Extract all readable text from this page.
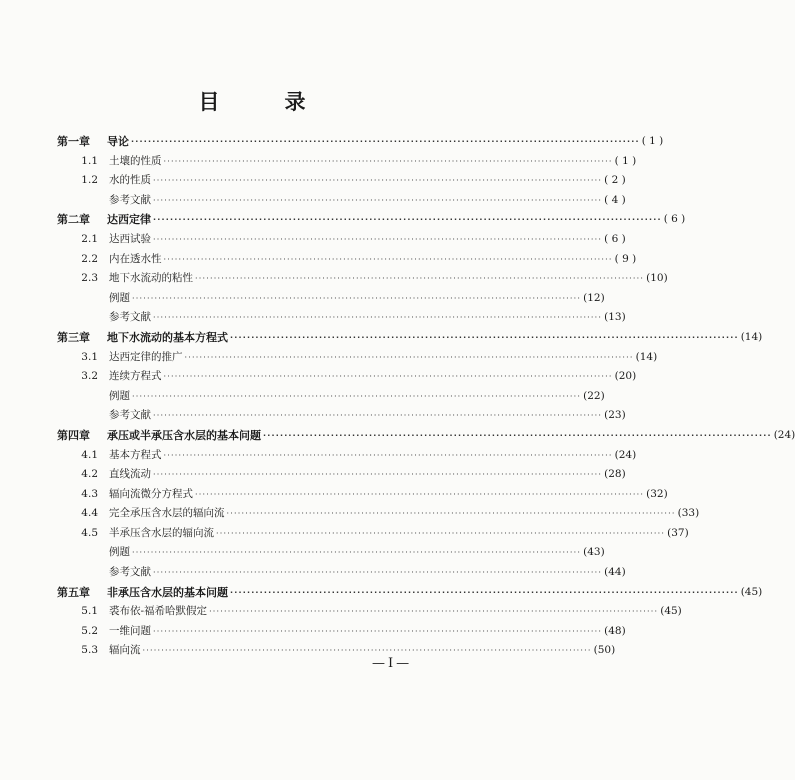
目　录
第一章	导论 ························································································································ ( 1 )
1.1	土壤的性质 ························································································································ ( 1 )
1.2	水的性质 ························································································································ ( 2 )
参考文献 ························································································································ ( 4 )
第二章	达西定律 ························································································································ ( 6 )
2.1	达西试验 ························································································································ ( 6 )
2.2	内在透水性 ························································································································ ( 9 )
2.3	地下水流动的粘性 ························································································································ (10)
例题 ························································································································ (12)
参考文献 ························································································································ (13)
第三章	地下水流动的基本方程式 ························································································································ (14)
3.1	达西定律的推广 ························································································································ (14)
3.2	连续方程式 ························································································································ (20)
例题 ························································································································ (22)
参考文献 ························································································································ (23)
第四章	承压或半承压含水层的基本问题 ························································································································ (24)
4.1	基本方程式 ························································································································ (24)
4.2	直线流动 ························································································································ (28)
4.3	辐向流微分方程式 ························································································································ (32)
4.4	完全承压含水层的辐向流 ························································································································ (33)
4.5	半承压含水层的辐向流 ························································································································ (37)
例题 ························································································································ (43)
参考文献 ························································································································ (44)
第五章	非承压含水层的基本问题 ························································································································ (45)
5.1	裘布依-福希哈默假定 ························································································································ (45)
5.2	一维问题 ························································································································ (48)
5.3	辐向流 ························································································································ (50)
—I—
